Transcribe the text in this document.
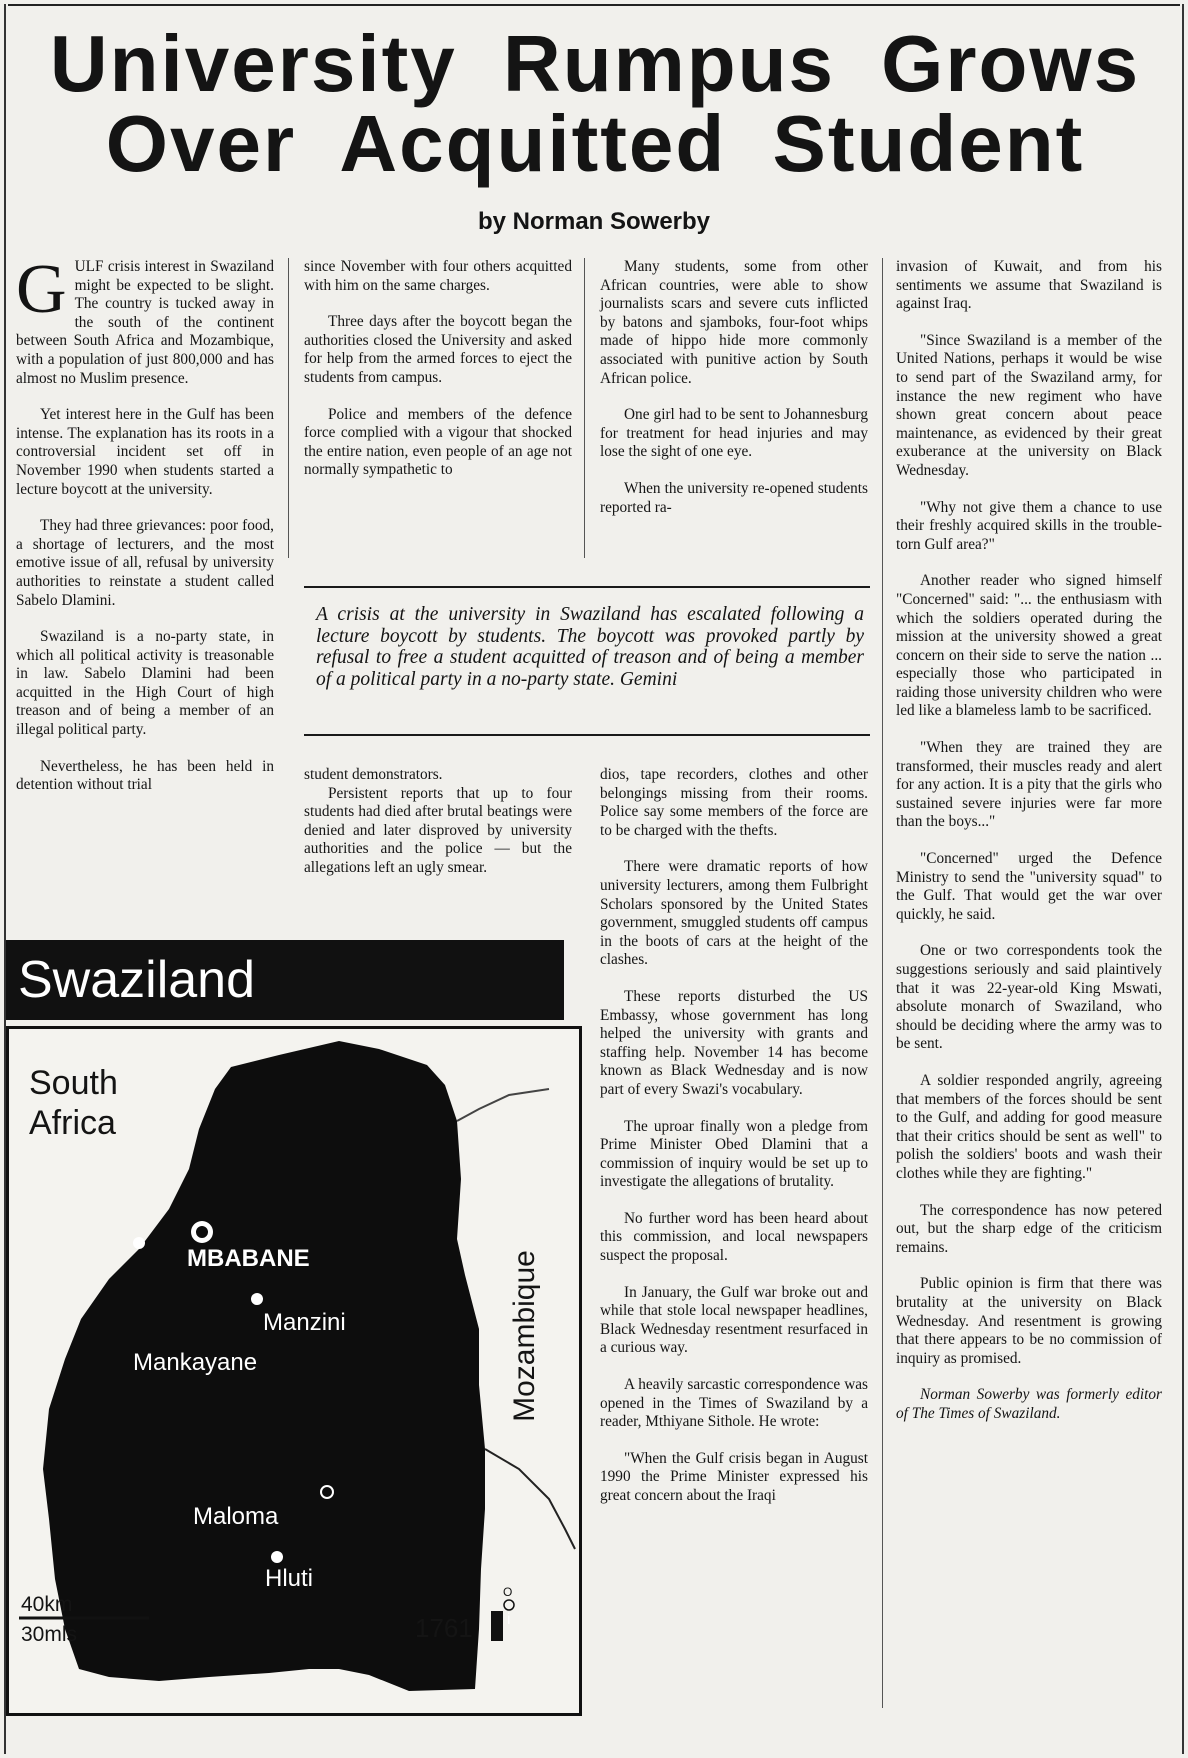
University Rumpus Grows
Over Acquitted Student
by Norman Sowerby
G ULF crisis interest in Swaziland might be expected to be slight. The country is tucked away in the south of the continent between South Africa and Mozambique, with a population of just 800,000 and has almost no Muslim presence.

Yet interest here in the Gulf has been intense. The explanation has its roots in a controversial incident set off in November 1990 when students started a lecture boycott at the university.

They had three grievances: poor food, a shortage of lecturers, and the most emotive issue of all, refusal by university authorities to reinstate a student called Sabelo Dlamini.

Swaziland is a no-party state, in which all political activity is treasonable in law. Sabelo Dlamini had been acquitted in the High Court of high treason and of being a member of an illegal political party.

Nevertheless, he has been held in detention without trial

since November with four others acquitted with him on the same charges.

Three days after the boycott began the authorities closed the University and asked for help from the armed forces to eject the students from campus.

Police and members of the defence force complied with a vigour that shocked the entire nation, even people of an age not normally sympathetic to

Many students, some from other African countries, were able to show journalists scars and severe cuts inflicted by batons and sjamboks, four-foot whips made of hippo hide more commonly associated with punitive action by South African police.

One girl had to be sent to Johannesburg for treatment for head injuries and may lose the sight of one eye.

When the university re-opened students reported ra-

A crisis at the university in Swaziland has escalated following a lecture boycott by students. The boycott was provoked partly by refusal to free a student acquitted of treason and of being a member of a political party in a no-party state. Gemini

student demonstrators.

Persistent reports that up to four students had died after brutal beatings were denied and later disproved by university authorities and the police — but the allegations left an ugly smear.

dios, tape recorders, clothes and other belongings missing from their rooms. Police say some members of the force are to be charged with the thefts.

There were dramatic reports of how university lecturers, among them Fulbright Scholars sponsored by the United States government, smuggled students off campus in the boots of cars at the height of the clashes.

These reports disturbed the US Embassy, whose government has long helped the university with grants and staffing help. November 14 has become known as Black Wednesday and is now part of every Swazi's vocabulary.

The uproar finally won a pledge from Prime Minister Obed Dlamini that a commission of inquiry would be set up to investigate the allegations of brutality.

No further word has been heard about this commission, and local newspapers suspect the proposal.

In January, the Gulf war broke out and while that stole local newspaper headlines, Black Wednesday resentment resurfaced in a curious way.

A heavily sarcastic correspondence was opened in the Times of Swaziland by a reader, Mthiyane Sithole. He wrote:

"When the Gulf crisis began in August 1990 the Prime Minister expressed his great concern about the Iraqi

invasion of Kuwait, and from his sentiments we assume that Swaziland is against Iraq.

"Since Swaziland is a member of the United Nations, perhaps it would be wise to send part of the Swaziland army, for instance the new regiment who have shown great concern about peace maintenance, as evidenced by their great exuberance at the university on Black Wednesday.

"Why not give them a chance to use their freshly acquired skills in the trouble-torn Gulf area?"

Another reader who signed himself "Concerned" said: "... the enthusiasm with which the soldiers operated during the mission at the university showed a great concern on their side to serve the nation ... especially those who participated in raiding those university children who were led like a blameless lamb to be sacrificed.

"When they are trained they are transformed, their muscles ready and alert for any action. It is a pity that the girls who sustained severe injuries were far more than the boys..."

"Concerned" urged the Defence Ministry to send the "university squad" to the Gulf. That would get the war over quickly, he said.

One or two correspondents took the suggestions seriously and said plaintively that it was 22-year-old King Mswati, absolute monarch of Swaziland, who should be deciding where the army was to be sent.

A soldier responded angrily, agreeing that members of the forces should be sent to the Gulf, and adding for good measure that their critics should be sent as well" to polish the soldiers' boots and wash their clothes while they are fighting."

The correspondence has now petered out, but the sharp edge of the criticism remains.

Public opinion is firm that there was brutality at the university on Black Wednesday. And resentment is growing that there appears to be no commission of inquiry as promised.

Norman Sowerby was formerly editor of The Times of Swaziland.

Swaziland
South
Africa
MBABANE
Manzini
Mankayane
Maloma
Hluti
Mozambique
40km
30mls	1761 i
O
